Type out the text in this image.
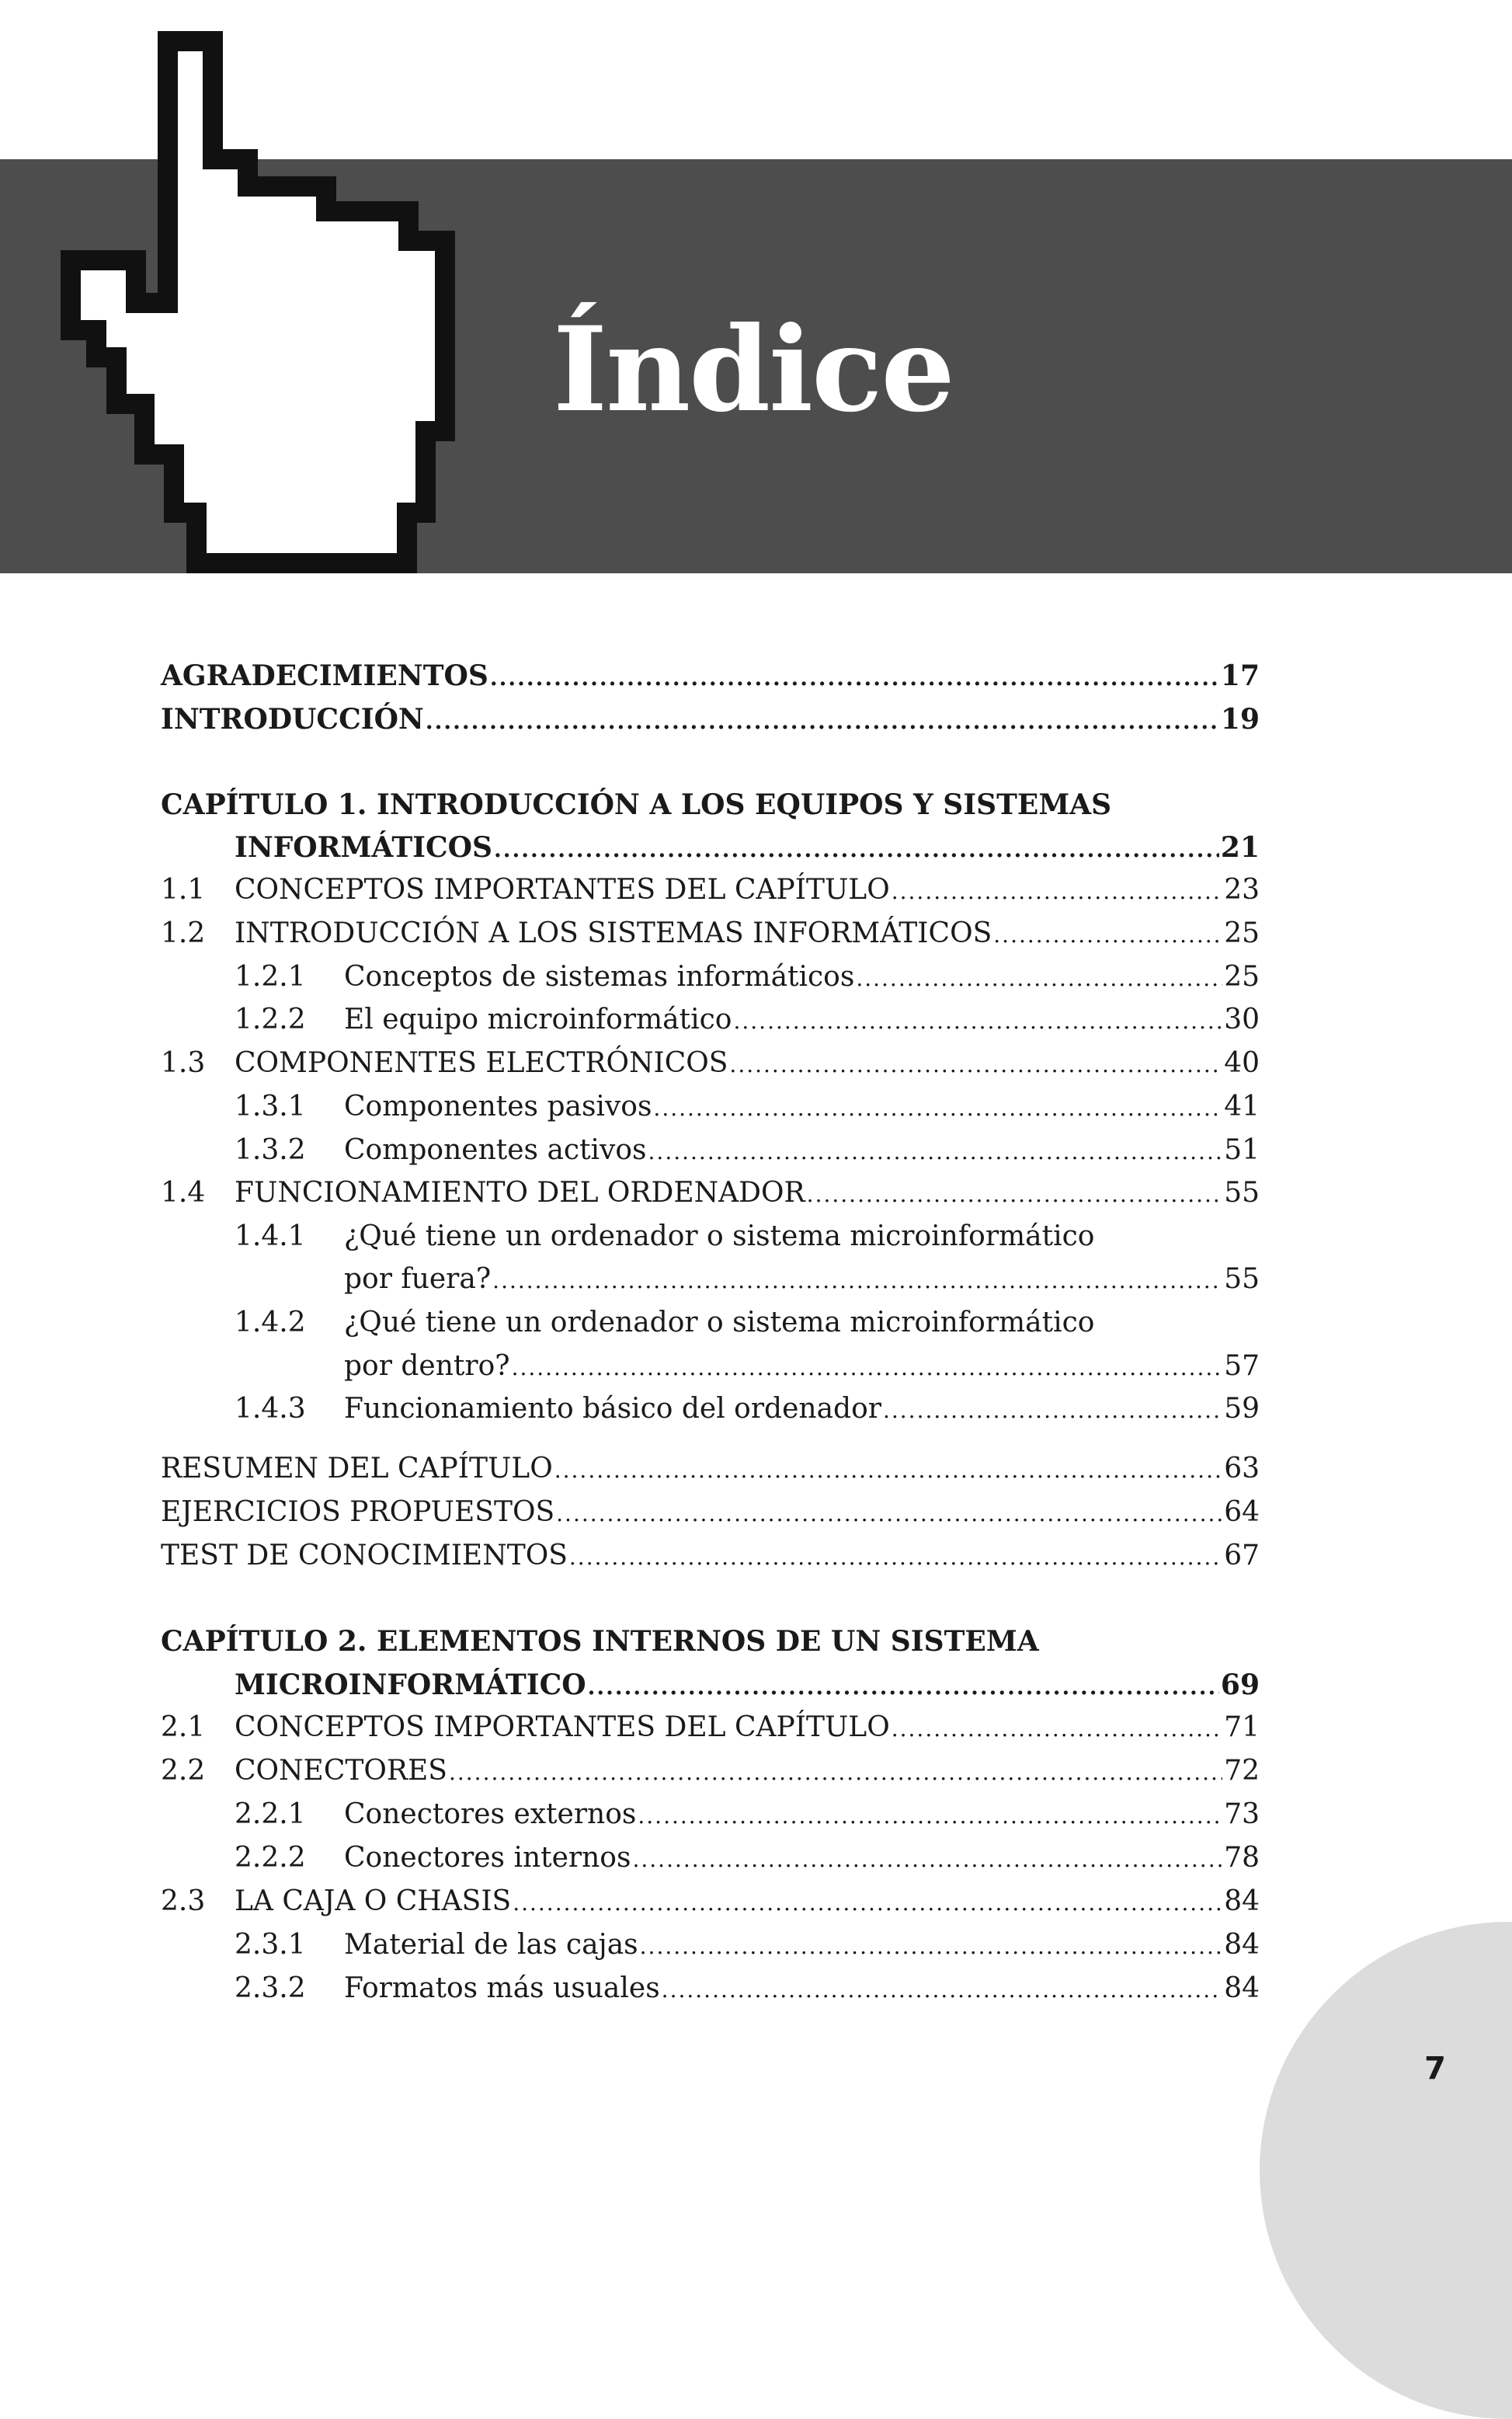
Índice
AGRADECIMIENTOS .....	17
INTRODUCCIÓN .....	19
CAPÍTULO 1. INTRODUCCIÓN A LOS EQUIPOS Y SISTEMAS
INFORMÁTICOS .....	21
1.1 CONCEPTOS IMPORTANTES DEL CAPÍTULO .....	23
1.2 INTRODUCCIÓN A LOS SISTEMAS INFORMÁTICOS .....	25
1.2.1 Conceptos de sistemas informáticos .....	25
1.2.2 El equipo microinformático .....	30
1.3 COMPONENTES ELECTRÓNICOS .....	40
1.3.1 Componentes pasivos .....	41
1.3.2 Componentes activos .....	51
1.4 FUNCIONAMIENTO DEL ORDENADOR .....	55
1.4.1 ¿Qué tiene un ordenador o sistema microinformático
por fuera? .....	55
1.4.2 ¿Qué tiene un ordenador o sistema microinformático
por dentro? .....	57
1.4.3 Funcionamiento básico del ordenador .....	59
RESUMEN DEL CAPÍTULO .....	63
EJERCICIOS PROPUESTOS .....	64
TEST DE CONOCIMIENTOS .....	67
CAPÍTULO 2. ELEMENTOS INTERNOS DE UN SISTEMA
MICROINFORMÁTICO .....	69
2.1 CONCEPTOS IMPORTANTES DEL CAPÍTULO .....	71
2.2 CONECTORES .....	72
2.2.1 Conectores externos .....	73
2.2.2 Conectores internos .....	78
2.3 LA CAJA O CHASIS .....	84
2.3.1 Material de las cajas .....	84
2.3.2 Formatos más usuales .....	84
7
